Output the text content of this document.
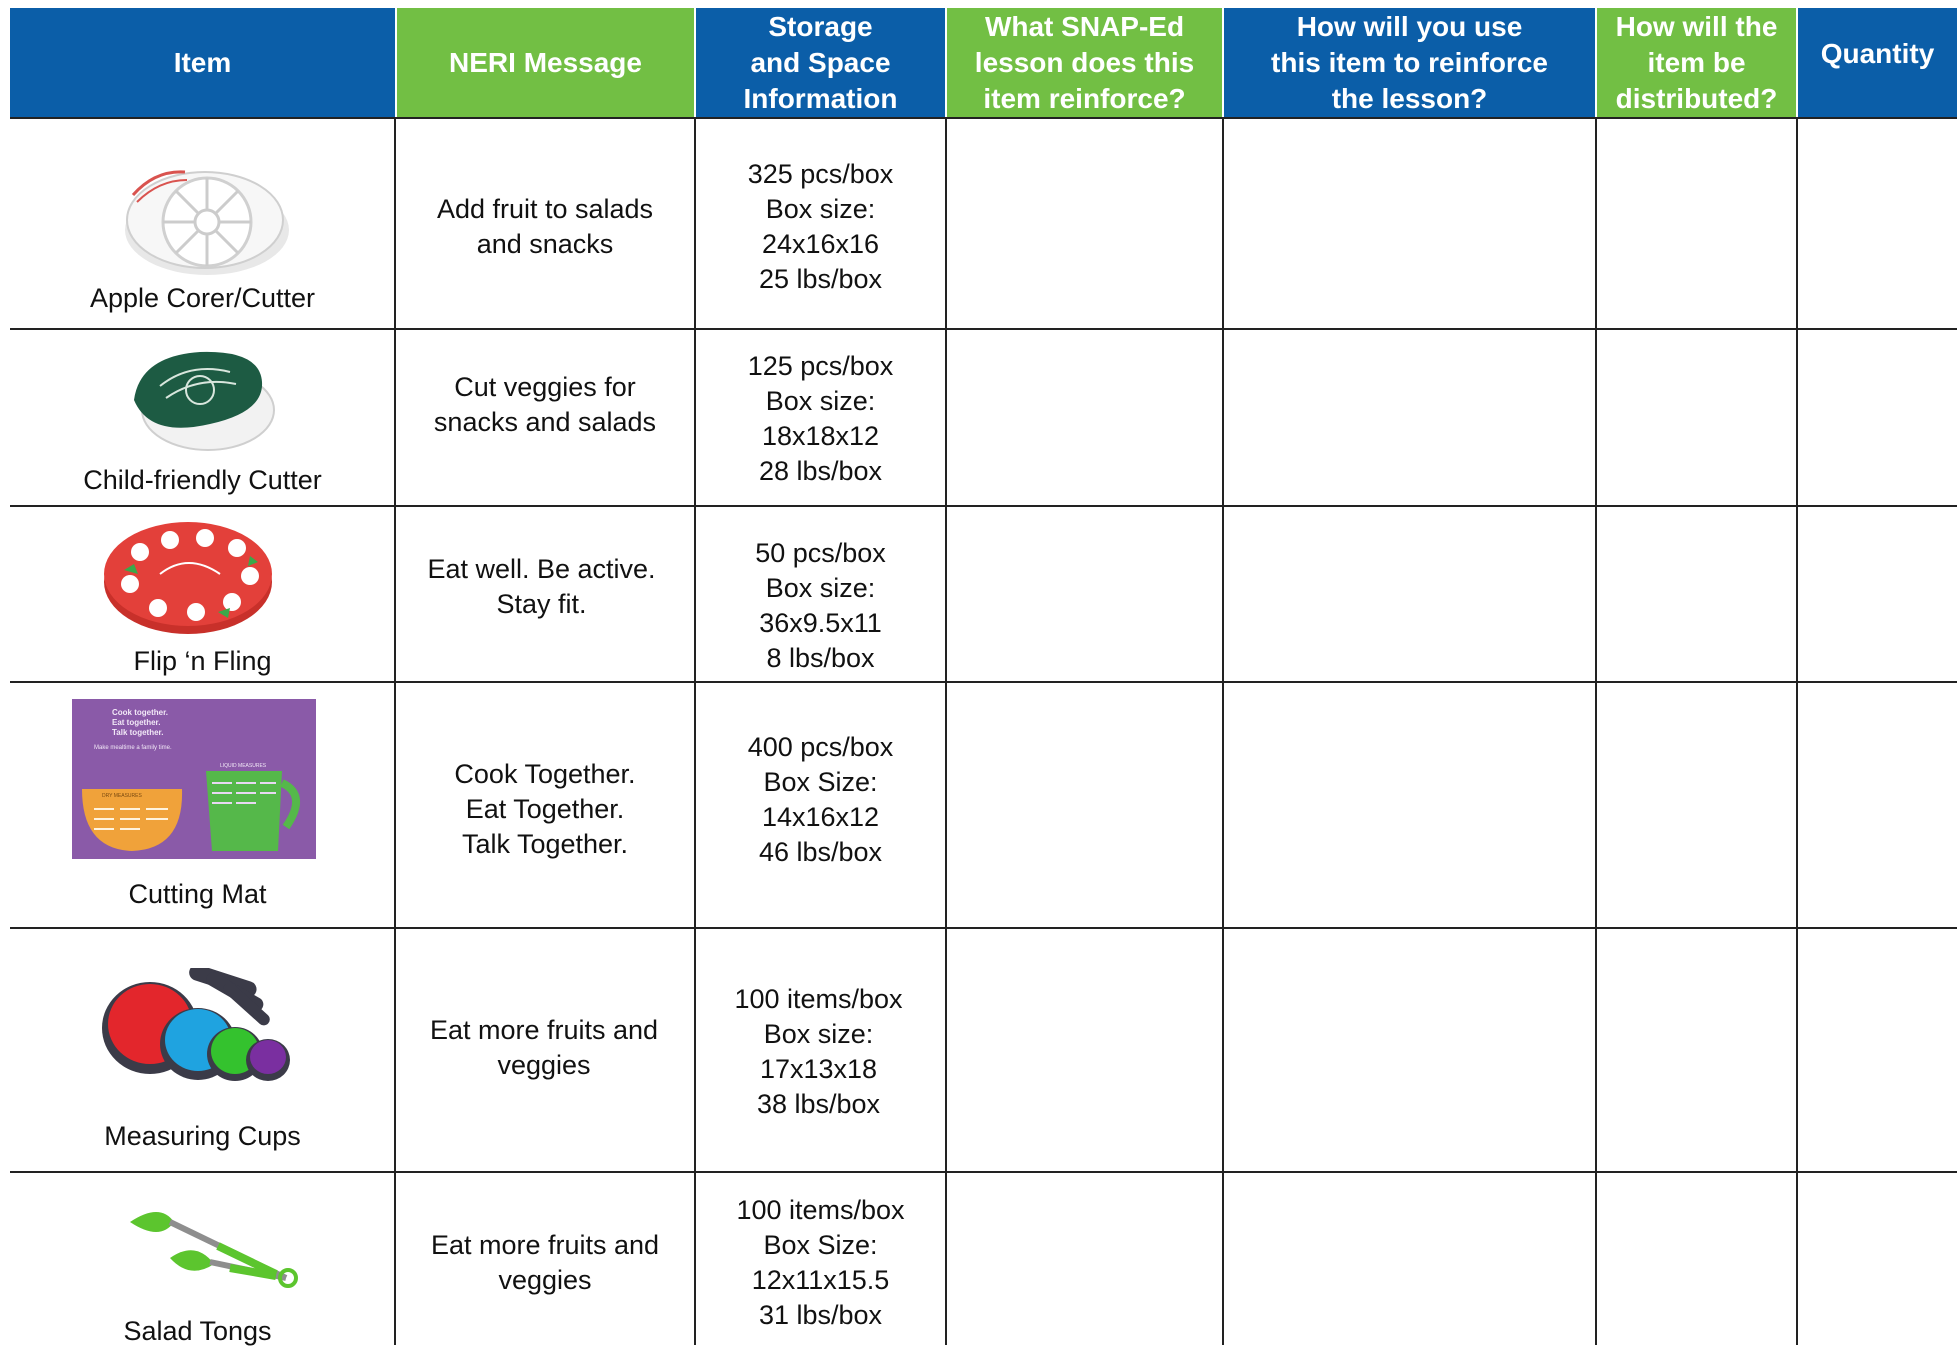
Item	NERI Message
Storage
and Space
Information
What SNAP-Ed
lesson does this
item reinforce?
How will you use
this item to reinforce
the lesson?
How will the
item be
distributed?
Quantity
Apple Corer/Cutter
Add fruit to salads
and snacks
325 pcs/box
Box size:
24x16x16
25 lbs/box
Child-friendly Cutter
Cut veggies for
snacks and salads
125 pcs/box
Box size:
18x18x12
28 lbs/box
Flip ‘n Fling
Eat well. Be active.
Stay fit.
50 pcs/box
Box size:
36x9.5x11
8 lbs/box
Cook together.
Eat together.
Talk together.
Make mealtime a family time.
DRY MEASURES
LIQUID MEASURES
Cutting Mat
Cook Together.
Eat Together.
Talk Together.
400 pcs/box
Box Size:
14x16x12
46 lbs/box
Measuring Cups
Eat more fruits and
veggies
100 items/box
Box size:
17x13x18
38 lbs/box
Salad Tongs
Eat more fruits and
veggies
100 items/box
Box Size:
12x11x15.5
31 lbs/box
